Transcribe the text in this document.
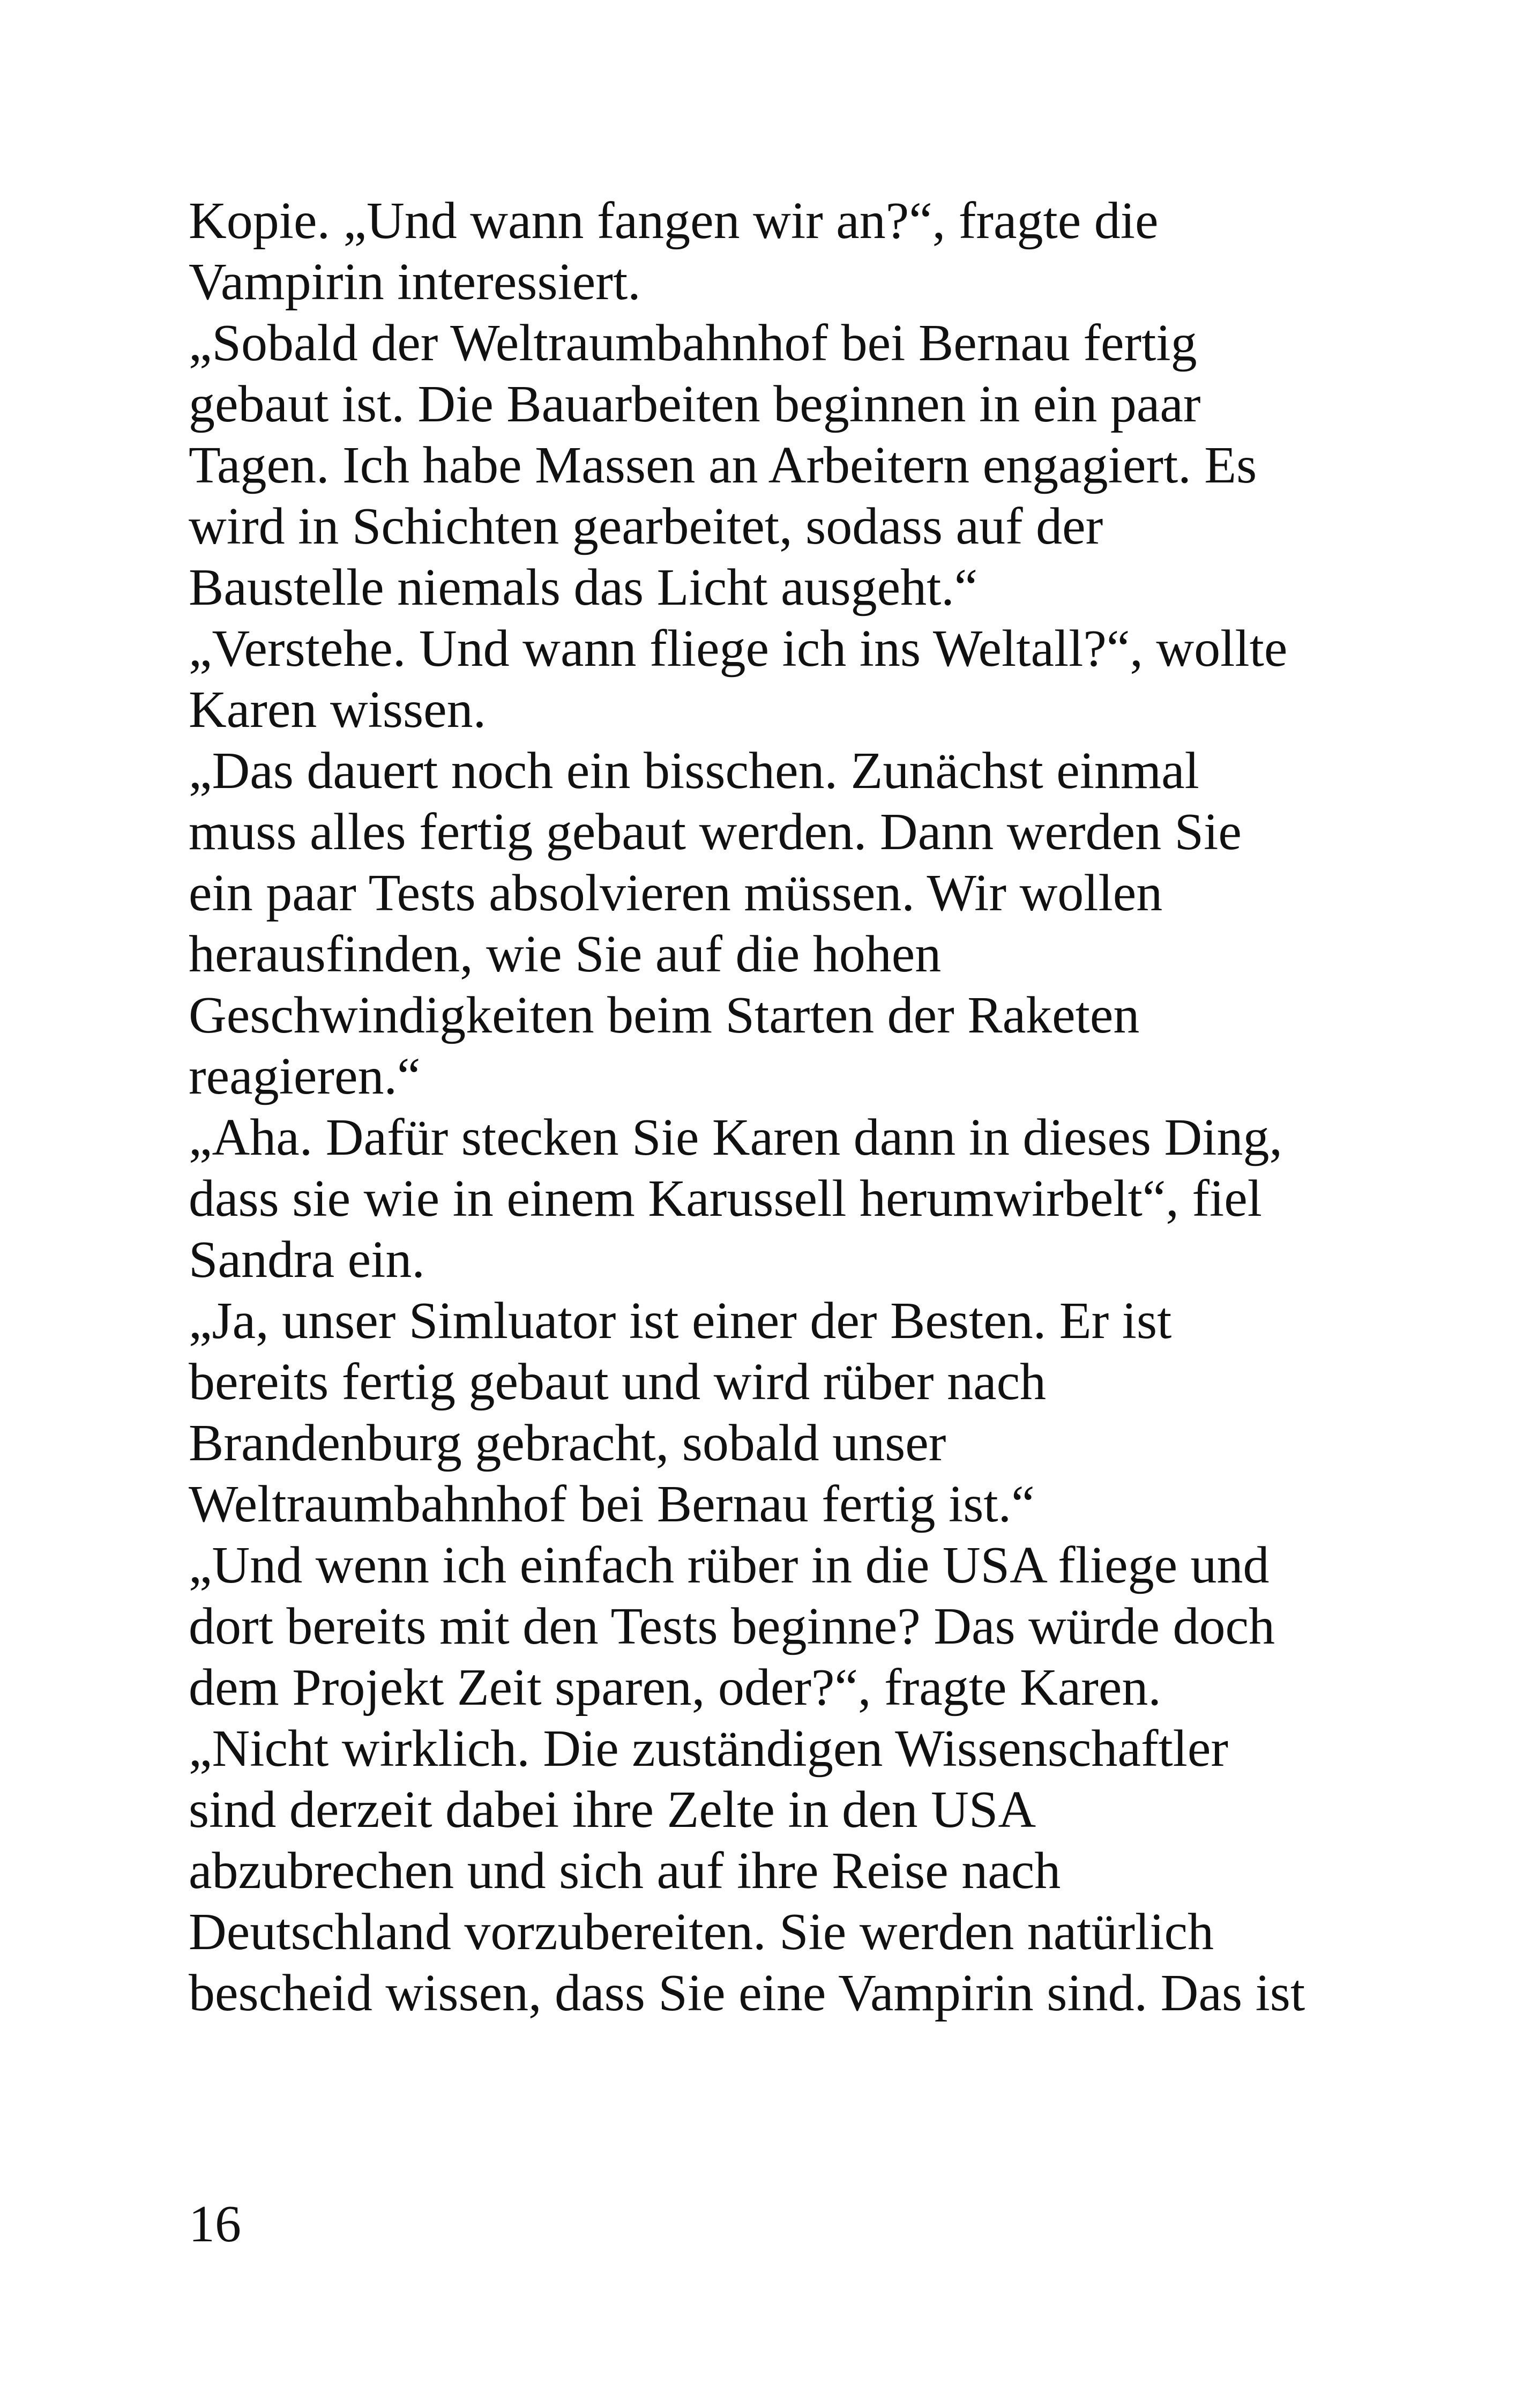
Kopie. „Und wann fangen wir an?“, fragte die
Vampirin interessiert.
„Sobald der Weltraumbahnhof bei Bernau fertig
gebaut ist. Die Bauarbeiten beginnen in ein paar
Tagen. Ich habe Massen an Arbeitern engagiert. Es
wird in Schichten gearbeitet, sodass auf der
Baustelle niemals das Licht ausgeht.“
„Verstehe. Und wann fliege ich ins Weltall?“, wollte
Karen wissen.
„Das dauert noch ein bisschen. Zunächst einmal
muss alles fertig gebaut werden. Dann werden Sie
ein paar Tests absolvieren müssen. Wir wollen
herausfinden, wie Sie auf die hohen
Geschwindigkeiten beim Starten der Raketen
reagieren.“
„Aha. Dafür stecken Sie Karen dann in dieses Ding,
dass sie wie in einem Karussell herumwirbelt“, fiel
Sandra ein.
„Ja, unser Simluator ist einer der Besten. Er ist
bereits fertig gebaut und wird rüber nach
Brandenburg gebracht, sobald unser
Weltraumbahnhof bei Bernau fertig ist.“
„Und wenn ich einfach rüber in die USA fliege und
dort bereits mit den Tests beginne? Das würde doch
dem Projekt Zeit sparen, oder?“, fragte Karen.
„Nicht wirklich. Die zuständigen Wissenschaftler
sind derzeit dabei ihre Zelte in den USA
abzubrechen und sich auf ihre Reise nach
Deutschland vorzubereiten. Sie werden natürlich
bescheid wissen, dass Sie eine Vampirin sind. Das ist
16
